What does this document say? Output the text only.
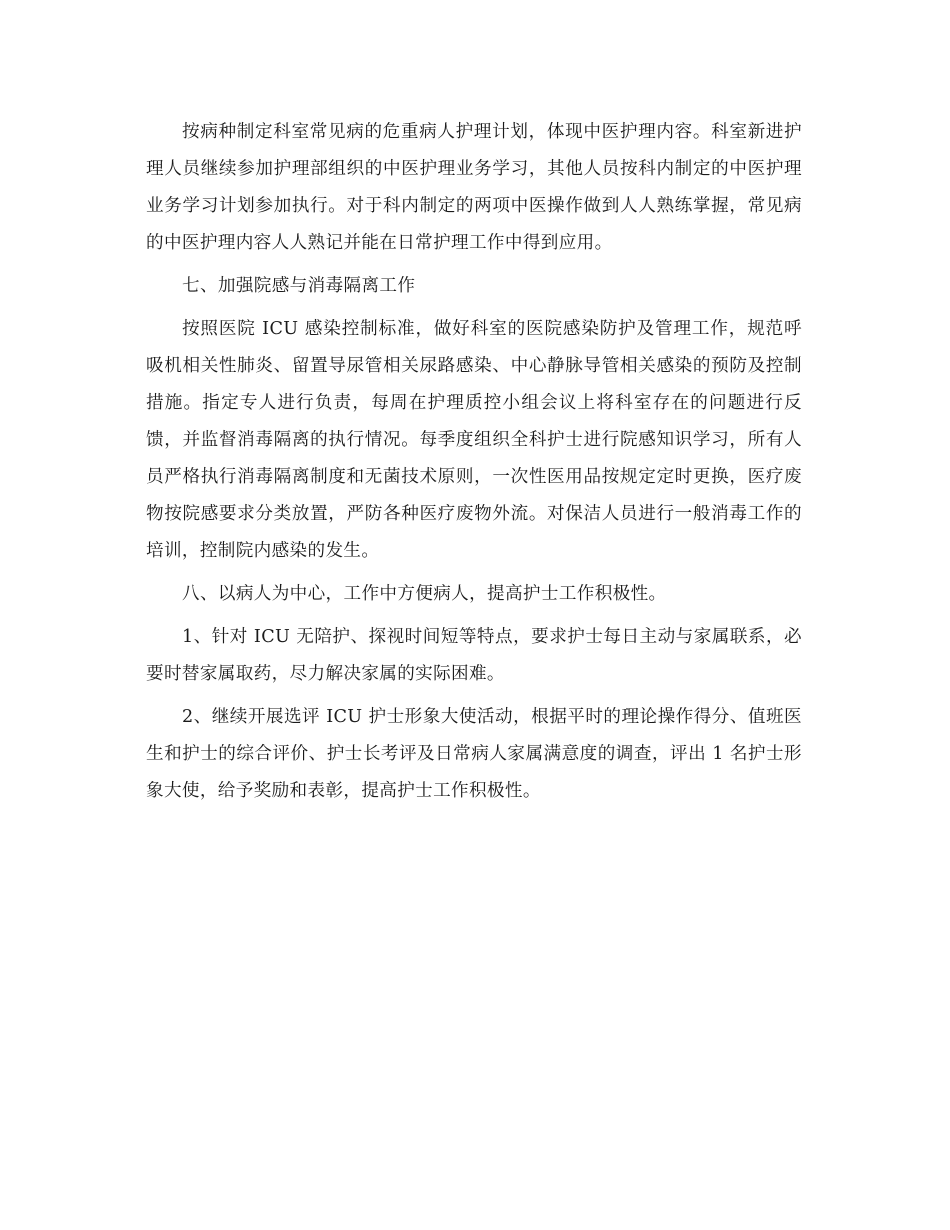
按病种制定科室常见病的危重病人护理计划，体现中医护理内容。科室新进护理人员继续参加护理部组织的中医护理业务学习，其他人员按科内制定的中医护理业务学习计划参加执行。对于科内制定的两项中医操作做到人人熟练掌握，常见病的中医护理内容人人熟记并能在日常护理工作中得到应用。

七、加强院感与消毒隔离工作

按照医院 ICU 感染控制标准，做好科室的医院感染防护及管理工作，规范呼吸机相关性肺炎、留置导尿管相关尿路感染、中心静脉导管相关感染的预防及控制措施。指定专人进行负责，每周在护理质控小组会议上将科室存在的问题进行反馈，并监督消毒隔离的执行情况。每季度组织全科护士进行院感知识学习，所有人员严格执行消毒隔离制度和无菌技术原则，一次性医用品按规定定时更换，医疗废物按院感要求分类放置，严防各种医疗废物外流。对保洁人员进行一般消毒工作的培训，控制院内感染的发生。

八、以病人为中心，工作中方便病人，提高护士工作积极性。

1、针对 ICU 无陪护、探视时间短等特点，要求护士每日主动与家属联系，必要时替家属取药，尽力解决家属的实际困难。

2、继续开展选评 ICU 护士形象大使活动，根据平时的理论操作得分、值班医生和护士的综合评价、护士长考评及日常病人家属满意度的调查，评出 1 名护士形象大使，给予奖励和表彰，提高护士工作积极性。
